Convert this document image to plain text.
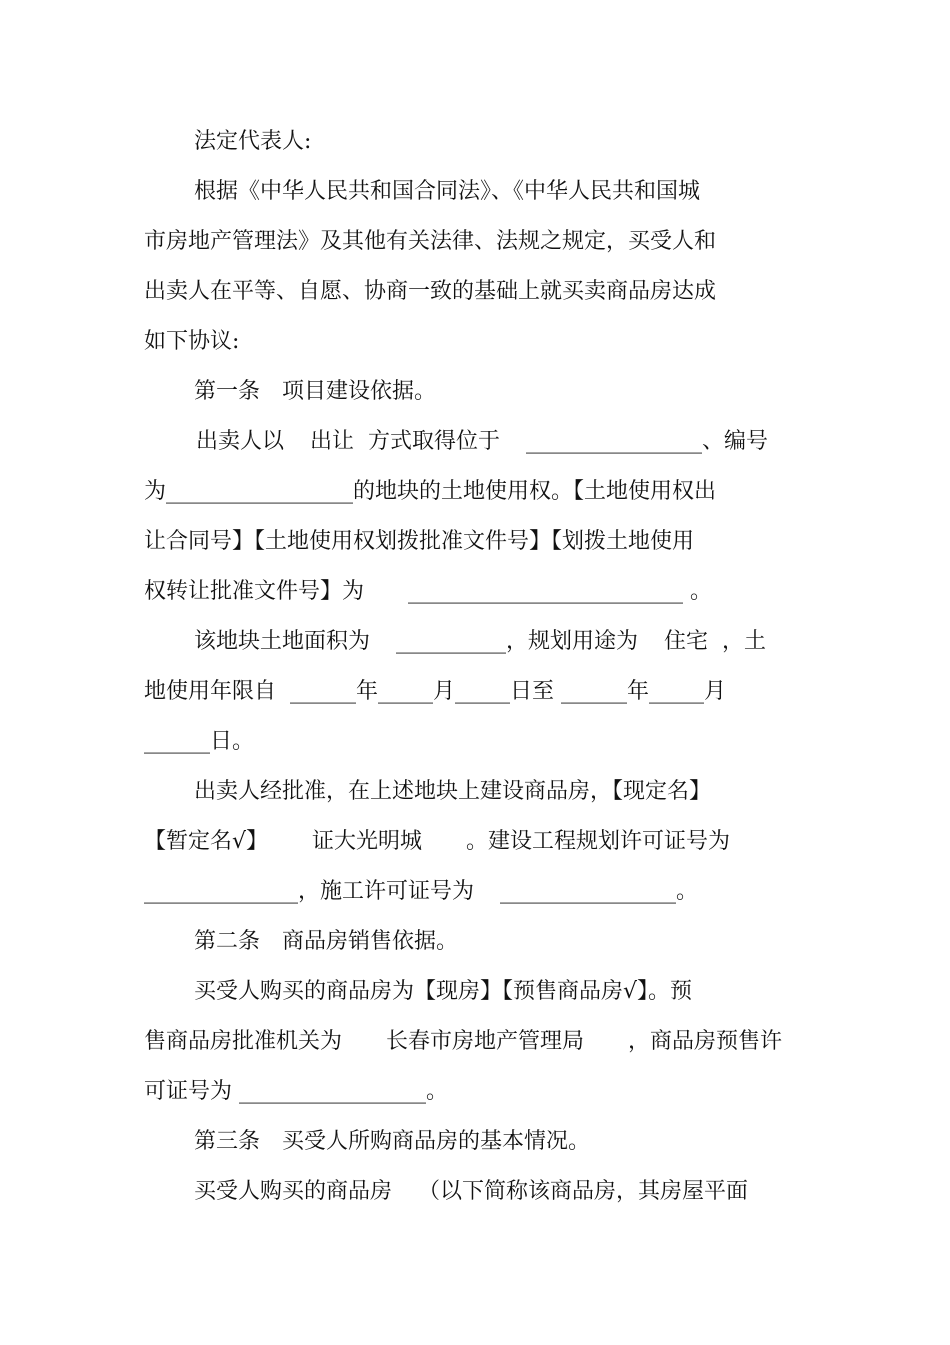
法定代表人:
根据《中华人民共和国合同法》、《中华人民共和国城
市房地产管理法》及其他有关法律、法规之规定，买受人和
出卖人在平等、自愿、协商一致的基础上就买卖商品房达成
如下协议:
第一条　项目建设依据。
出卖人以 出让 方式取得位于 ________________、编号
为_________________的地块的土地使用权。【土地使用权出
让合同号】【土地使用权划拨批准文件号】【划拨土地使用
权转让批准文件号】为 _________________________ 。
该地块土地面积为 __________，规划用途为 住宅 ，土
地使用年限自 ______年_____月_____日至 ______年_____月
______日。
出卖人经批准，在上述地块上建设商品房，【现定名】
【暂定名√】 证大光明城 。建设工程规划许可证号为
______________，施工许可证号为 ________________。
第二条　商品房销售依据。
买受人购买的商品房为【现房】【预售商品房√】。预
售商品房批准机关为 长春市房地产管理局 ，商品房预售许
可证号为 _________________。
第三条　买受人所购商品房的基本情况。
买受人购买的商品房 （以下简称该商品房，其房屋平面
